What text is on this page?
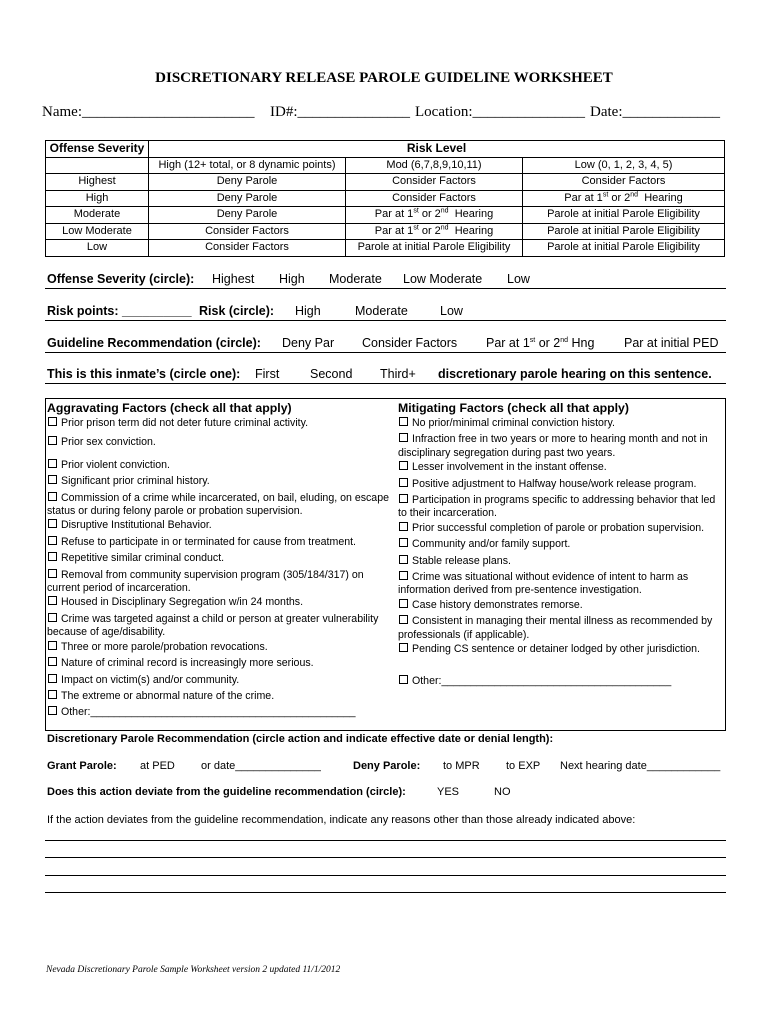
DISCRETIONARY RELEASE PAROLE GUIDELINE WORKSHEET
Name:_______________________ ID#:_______________ Location:_______________ Date:_____________
Offense Severity	Risk Level		
	High (12+ total, or 8 dynamic points)	Mod (6,7,8,9,10,11)	Low (0, 1, 2, 3, 4, 5)
Highest	Deny Parole	Consider Factors	Consider Factors
High	Deny Parole	Consider Factors	Par at 1st or 2nd  Hearing
Moderate	Deny Parole	Par at 1st or 2nd  Hearing	Parole at initial Parole Eligibility
Low Moderate	Consider Factors	Par at 1st or 2nd  Hearing	Parole at initial Parole Eligibility
Low	Consider Factors	Parole at initial Parole Eligibility	Parole at initial Parole Eligibility
Offense Severity (circle): Highest High Moderate Low Moderate Low
Risk points: __________ Risk (circle): High	Moderate	Low
Guideline Recommendation (circle): Deny Par Consider Factors Par at 1st or 2nd Hng Par at initial PED
This is this inmate’s (circle one): First Second Third+ discretionary parole hearing on this sentence.
Aggravating Factors (check all that apply)
Prior prison term did not deter future criminal activity.
Prior sex conviction.
Prior violent conviction.
Significant prior criminal history.
Commission of a crime while incarcerated, on bail, eluding, on escape status or during felony parole or probation supervision.
Disruptive Institutional Behavior.
Refuse to participate in or terminated for cause from treatment.
Repetitive similar criminal conduct.
Removal from community supervision program (305/184/317) on current period of incarceration.
Housed in Disciplinary Segregation w/in 24 months.
Crime was targeted against a child or person at greater vulnerability because of age/disability.
Three or more parole/probation revocations.
Nature of criminal record is increasingly more serious.
Impact on victim(s) and/or community.
The extreme or abnormal nature of the crime.
Other:_____________________________________________
Mitigating Factors (check all that apply)
No prior/minimal criminal conviction history.
Infraction free in two years or more to hearing month and not in disciplinary segregation during past two years.
Lesser involvement in the instant offense.
Positive adjustment to Halfway house/work release program.
Participation in programs specific to addressing behavior that led to their incarceration.
Prior successful completion of parole or probation supervision.
Community and/or family support.
Stable release plans.
Crime was situational without evidence of intent to harm as information derived from pre-sentence investigation.
Case history demonstrates remorse.
Consistent in managing their mental illness as recommended by professionals (if applicable).
Pending CS sentence or detainer lodged by other jurisdiction.
Other:_______________________________________
Discretionary Parole Recommendation (circle action and indicate effective date or denial length):
Grant Parole: at PED or date______________	Deny Parole: to MPR to EXP Next hearing date____________
Does this action deviate from the guideline recommendation (circle):	YES	NO
If the action deviates from the guideline recommendation, indicate any reasons other than those already indicated above:
Nevada Discretionary Parole Sample Worksheet version 2 updated 11/1/2012
